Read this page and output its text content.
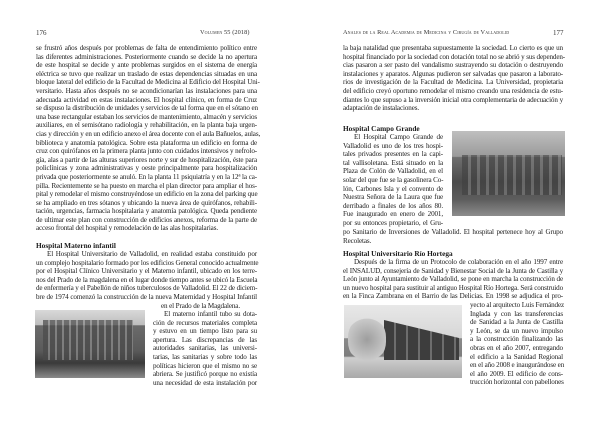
176	Volumen 55 (2018)	Anales de la Real Academia de Medicina y Cirugía de Valladolid	177
se frustró años después por problemas de falta de entendimiento político entre
las diferentes administraciones. Posteriormente cuando se decide la no apertura
de este hospital se decide y ante problemas surgidos en el sistema de energía
eléctrica se tuvo que realizar un traslado de estas dependencias situadas en una
bloque lateral del edificio de la Facultad de Medicina al Edificio del Hospital Uni-
versitario. Hasta años después no se acondicionarían las instalaciones para una
adecuada actividad en estas instalaciones. El hospital clínico, en forma de Cruz
se dispuso la distribución de unidades y servicios de tal forma que en el sótano en
una base rectangular estaban los servicios de mantenimiento, almacén y servicios
auxiliares, en el semisótano radiología y rehabilitación, en la planta baja urgen-
cias y dirección y en un edificio anexo el área docente con el aula Bañuelos, aulas,
biblioteca y anatomía patológica. Sobre esta plataforma un edificio en forma de
cruz con quirófanos en la primera planta junto con cuidados intensivos y nefrolo-
gía, alas a partir de las alturas superiores norte y sur de hospitalización, éste para
policlínicas y zona administrativas y oeste principalmente para hospitalización
privada que posteriormente se anuló. En la planta 11 psiquiatría y en la 12ª la ca-
pilla. Recientemente se ha puesto en marcha el plan director para ampliar el hos-
pital y remodelar el mismo construyéndose un edificio en la zona del parking que
se ha ampliado en tres sótanos y ubicando la nueva área de quirófanos, rehabili-
tación, urgencias, farmacia hospitalaria y anatomía patológica. Queda pendiente
de ultimar este plan con construcción de edificios anexos, reforma de la parte de
acceso frontal del hospital y remodelación de las alas hospitalarias.
Hospital Materno infantil
El Hospital Universitario de Valladolid, en realidad estaba constituido por
un complejo hospitalario formado por los edificios General conocido actualmente
por el Hospital Clínico Universitario y el Materno infantil, ubicado en los terre-
nos del Prado de la magdalena en el lugar donde tiempo antes se ubicó la Escuela
de enfermería y el Pabellón de niños tuberculosos de Valladolid. El 22 de diciem-
bre de 1974 comenzó la construcción de la nueva Maternidad y Hospital Infantil
en el Prado de la Magdalena.
El materno infantil tubo su dota-
ción de recursos materiales completa
y estuvo en un tiempo listo para su
apertura. Las discrepancias de las
autoridades sanitarias, las universi-
tarias, las sanitarias y sobre todo las
políticas hicieron que el mismo no se
abriera. Se justificó porque no existía
una necesidad de esta instalación por
la baja natalidad que presentaba supuestamente la sociedad. Lo cierto es que un
hospital financiado por la sociedad con dotación total no se abrió y sus dependen-
cias pasaron a ser pasto del vandalismo sustrayendo su dotación o destruyendo
instalaciones y aparatos. Algunas pudieron ser salvadas que pasaron a laborato-
rios de investigación de la Facultad de Medicina. La Universidad, propietaria
del edificio creyó oportuno remodelar el mismo creando una residencia de estu-
diantes lo que supuso a la inversión inicial otra complementaria de adecuación y
adaptación de instalaciones.
Hospital Campo Grande
El Hospital Campo Grande de
Valladolid es uno de los tres hospi-
tales privados presentes en la capi-
tal vallisoletana. Está situado en la
Plaza de Colón de Valladolid, en el
solar del que fue se la gasolinera Co-
lón, Carbones Isla y el convento de
Nuestra Señora de la Laura que fue
derribado a finales de los años 80.
Fue inaugurado en enero de 2001,
por su entonces propietario, el Gru-
po Sanitario de Inversiones de Valladolid. El hospital pertenece hoy al Grupo
Recoletas.
Hospital Universitario Río Hortega
Después de la firma de un Protocolo de colaboración en el año 1997 entre
el INSALUD, consejería de Sanidad y Bienestar Social de la Junta de Castilla y
León junto al Ayuntamiento de Valladolid, se pone en marcha la construcción de
un nuevo hospital para sustituir al antiguo Hospital Río Hortega. Será construido
en la Finca Zambrana en el Barrio de las Delicias. En 1998 se adjudica el pro-
yecto al arquitecto Luis Fernández
Inglada y con las transferencias
de Sanidad a la Junta de Castilla
y León, se da un nuevo impulso
a la construcción finalizando las
obras en el año 2007, entregando
el edificio a la Sanidad Regional
en el año 2008 e inaugurándose en
el año 2009. El edificio de cons-
trucción horizontal con pabellones
